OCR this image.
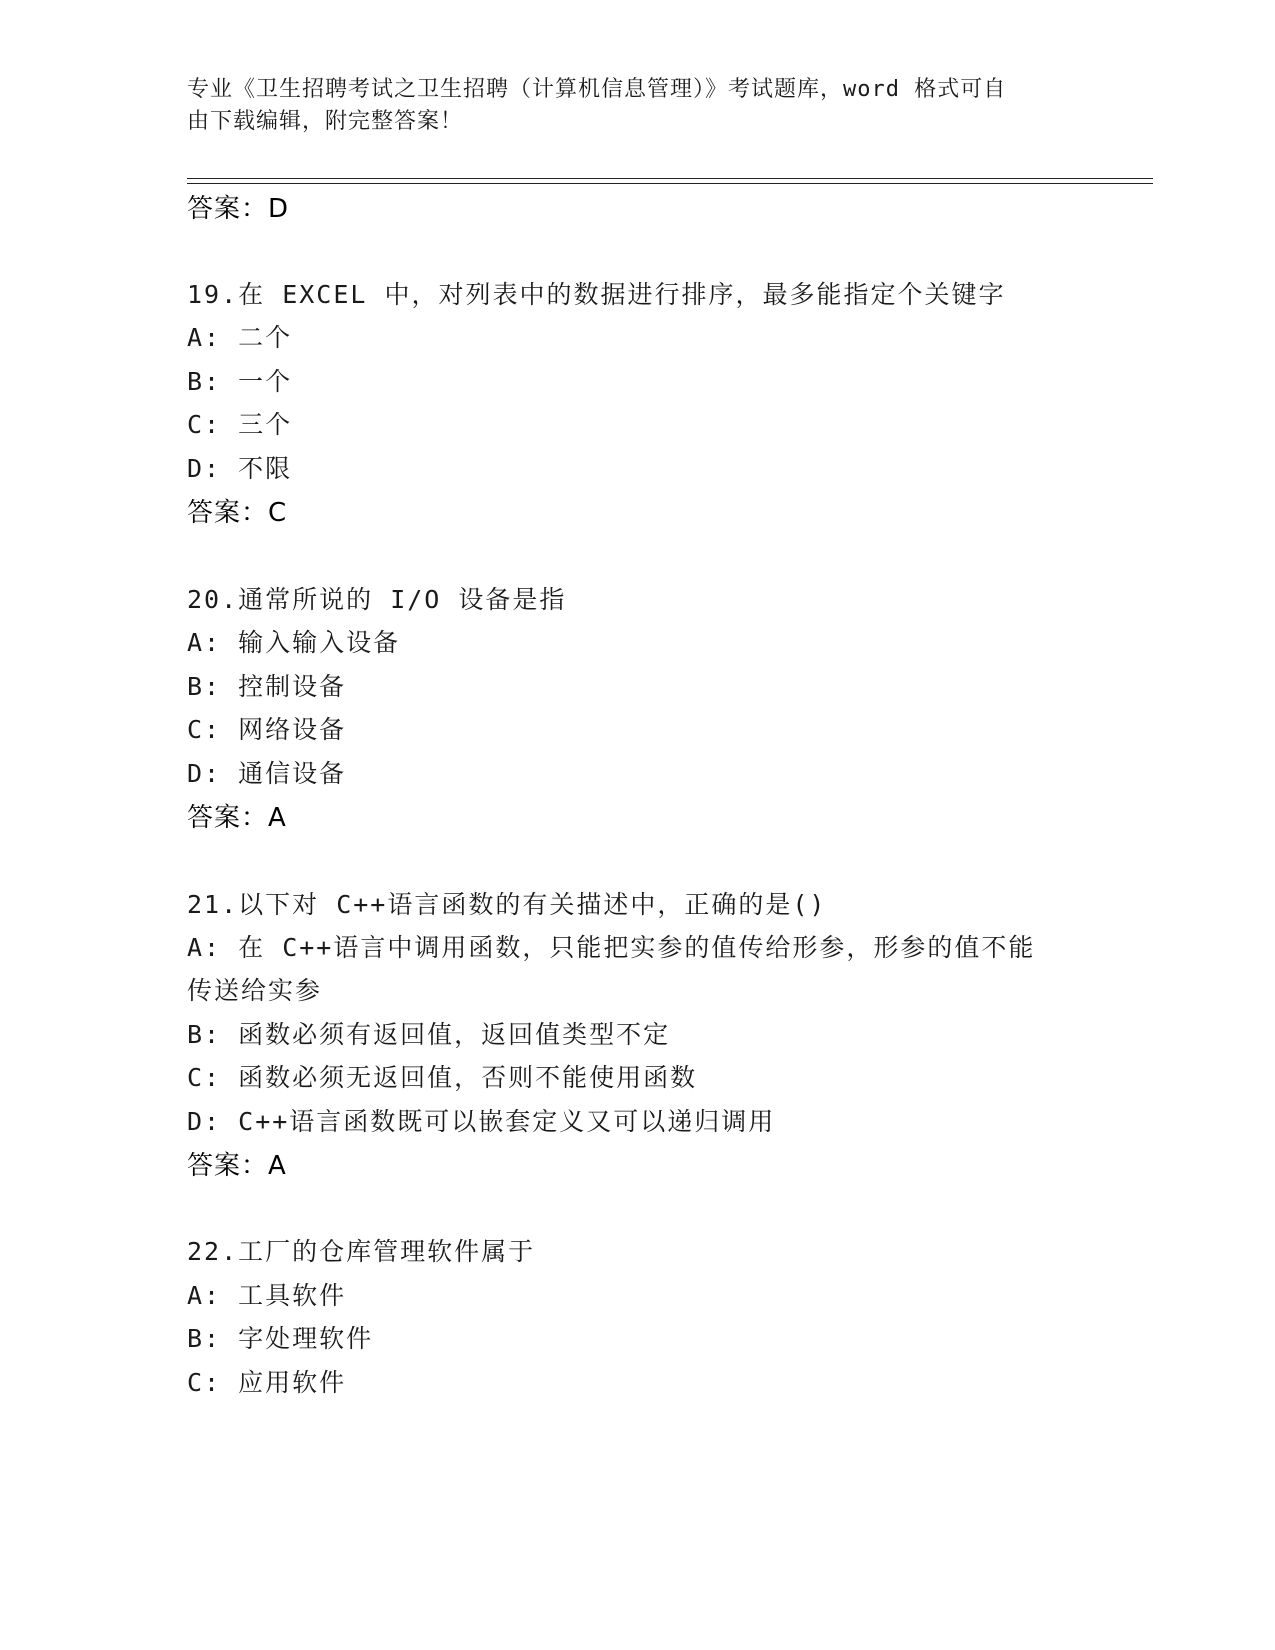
专业《卫生招聘考试之卫生招聘（计算机信息管理）》考试题库，word 格式可自
由下载编辑，附完整答案！
答案：D
19.在 EXCEL 中，对列表中的数据进行排序，最多能指定个关键字
A: 二个
B: 一个
C: 三个
D: 不限
答案：C
20.通常所说的 I/O 设备是指
A: 输入输入设备
B: 控制设备
C: 网络设备
D: 通信设备
答案：A
21.以下对 C++语言函数的有关描述中，正确的是()
A: 在 C++语言中调用函数，只能把实参的值传给形参，形参的值不能
传送给实参
B: 函数必须有返回值，返回值类型不定
C: 函数必须无返回值，否则不能使用函数
D: C++语言函数既可以嵌套定义又可以递归调用
答案：A
22.工厂的仓库管理软件属于
A: 工具软件
B: 字处理软件
C: 应用软件
